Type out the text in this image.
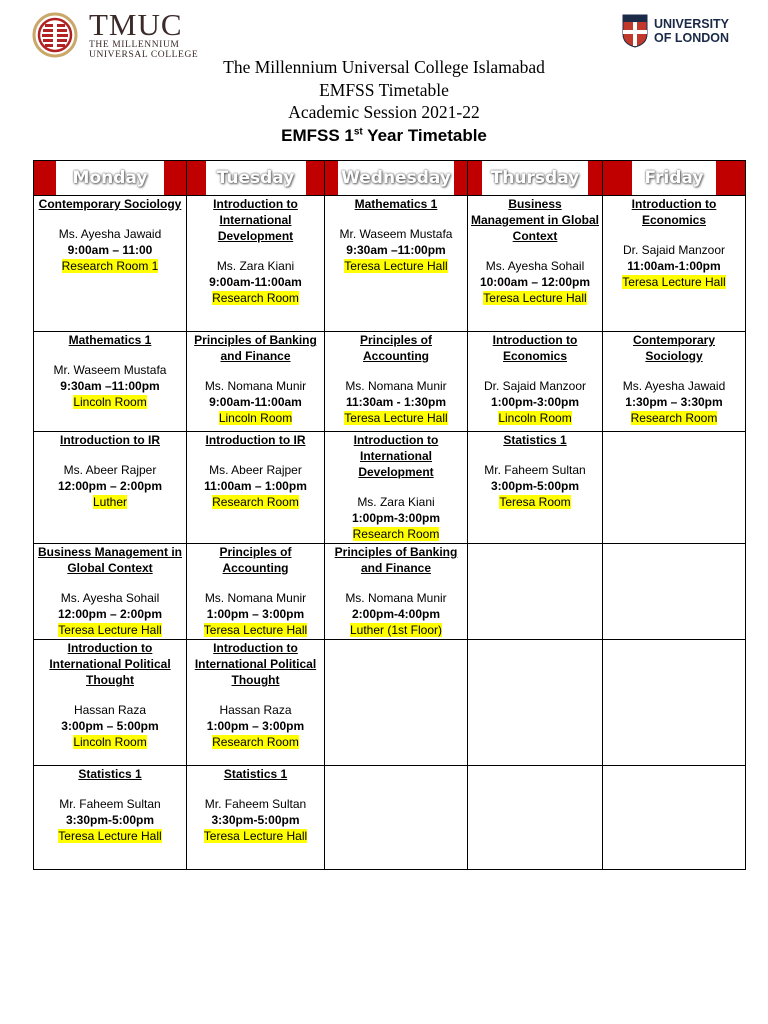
TMUC
THE MILLENNIUM
UNIVERSAL COLLEGE
UNIVERSITY
OF LONDON
The Millennium Universal College Islamabad
EMFSS Timetable
Academic Session 2021-22
EMFSS 1st Year Timetable
Monday	Tuesday	Wednesday	Thursday	Friday

Contemporary Sociology
Ms. Ayesha Jawaid
9:00am – 11:00
Research Room 1	Introduction to International Development
Ms. Zara Kiani
9:00am-11:00am
Research Room	Mathematics 1
Mr. Waseem Mustafa
9:30am –11:00pm
Teresa Lecture Hall	Business Management in Global Context
Ms. Ayesha Sohail
10:00am – 12:00pm
Teresa Lecture Hall	Introduction to Economics
Dr. Sajaid Manzoor
11:00am-1:00pm
Teresa Lecture Hall

Mathematics 1
Mr. Waseem Mustafa
9:30am –11:00pm
Lincoln Room	Principles of Banking and Finance
Ms. Nomana Munir
9:00am-11:00am
Lincoln Room	Principles of Accounting
Ms. Nomana Munir
11:30am - 1:30pm
Teresa Lecture Hall	Introduction to Economics
Dr. Sajaid Manzoor
1:00pm-3:00pm
Lincoln Room	Contemporary Sociology
Ms. Ayesha Jawaid
1:30pm – 3:30pm
Research Room

Introduction to IR
Ms. Abeer Rajper
12:00pm – 2:00pm
Luther	Introduction to IR
Ms. Abeer Rajper
11:00am – 1:00pm
Research Room	Introduction to International Development
Ms. Zara Kiani
1:00pm-3:00pm
Research Room	Statistics 1
Mr. Faheem Sultan
3:00pm-5:00pm
Teresa Room	

Business Management in Global Context
Ms. Ayesha Sohail
12:00pm – 2:00pm
Teresa Lecture Hall	Principles of Accounting
Ms. Nomana Munir
1:00pm – 3:00pm
Teresa Lecture Hall	Principles of Banking and Finance
Ms. Nomana Munir
2:00pm-4:00pm
Luther (1st Floor)		

Introduction to International Political Thought
Hassan Raza
3:00pm – 5:00pm
Lincoln Room	Introduction to International Political Thought
Hassan Raza
1:00pm – 3:00pm
Research Room			

Statistics 1
Mr. Faheem Sultan
3:30pm-5:00pm
Teresa Lecture Hall	Statistics 1
Mr. Faheem Sultan
3:30pm-5:00pm
Teresa Lecture Hall			
